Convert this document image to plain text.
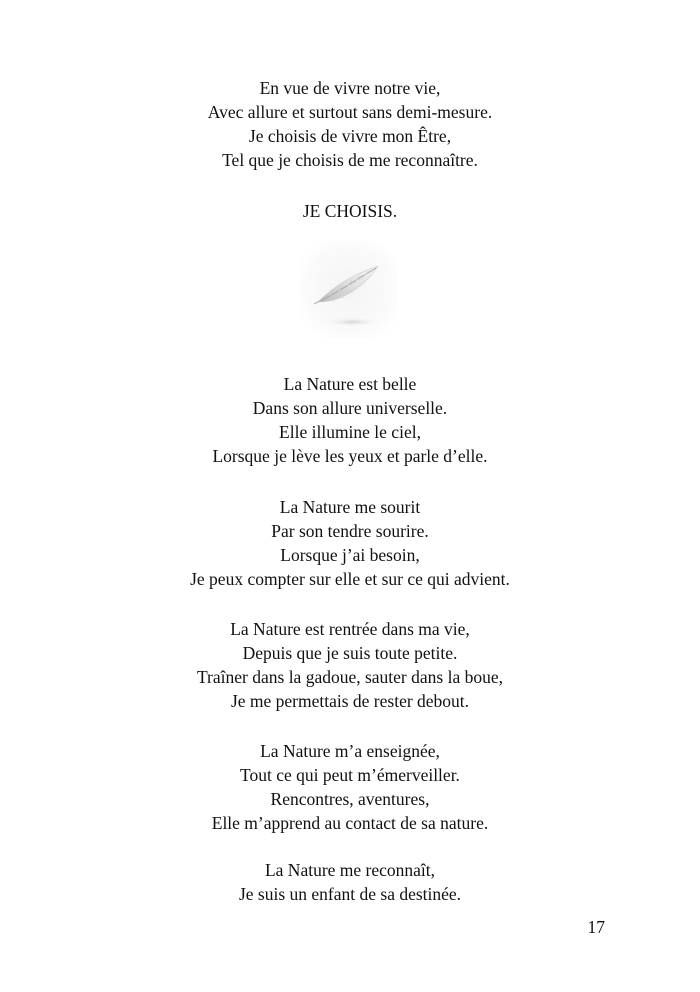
En vue de vivre notre vie,
Avec allure et surtout sans demi-mesure.
Je choisis de vivre mon Être,
Tel que je choisis de me reconnaître.
JE CHOISIS.
La Nature est belle
Dans son allure universelle.
Elle illumine le ciel,
Lorsque je lève les yeux et parle d’elle.
La Nature me sourit
Par son tendre sourire.
Lorsque j’ai besoin,
Je peux compter sur elle et sur ce qui advient.
La Nature est rentrée dans ma vie,
Depuis que je suis toute petite.
Traîner dans la gadoue, sauter dans la boue,
Je me permettais de rester debout.
La Nature m’a enseignée,
Tout ce qui peut m’émerveiller.
Rencontres, aventures,
Elle m’apprend au contact de sa nature.
La Nature me reconnaît,
Je suis un enfant de sa destinée.
17
